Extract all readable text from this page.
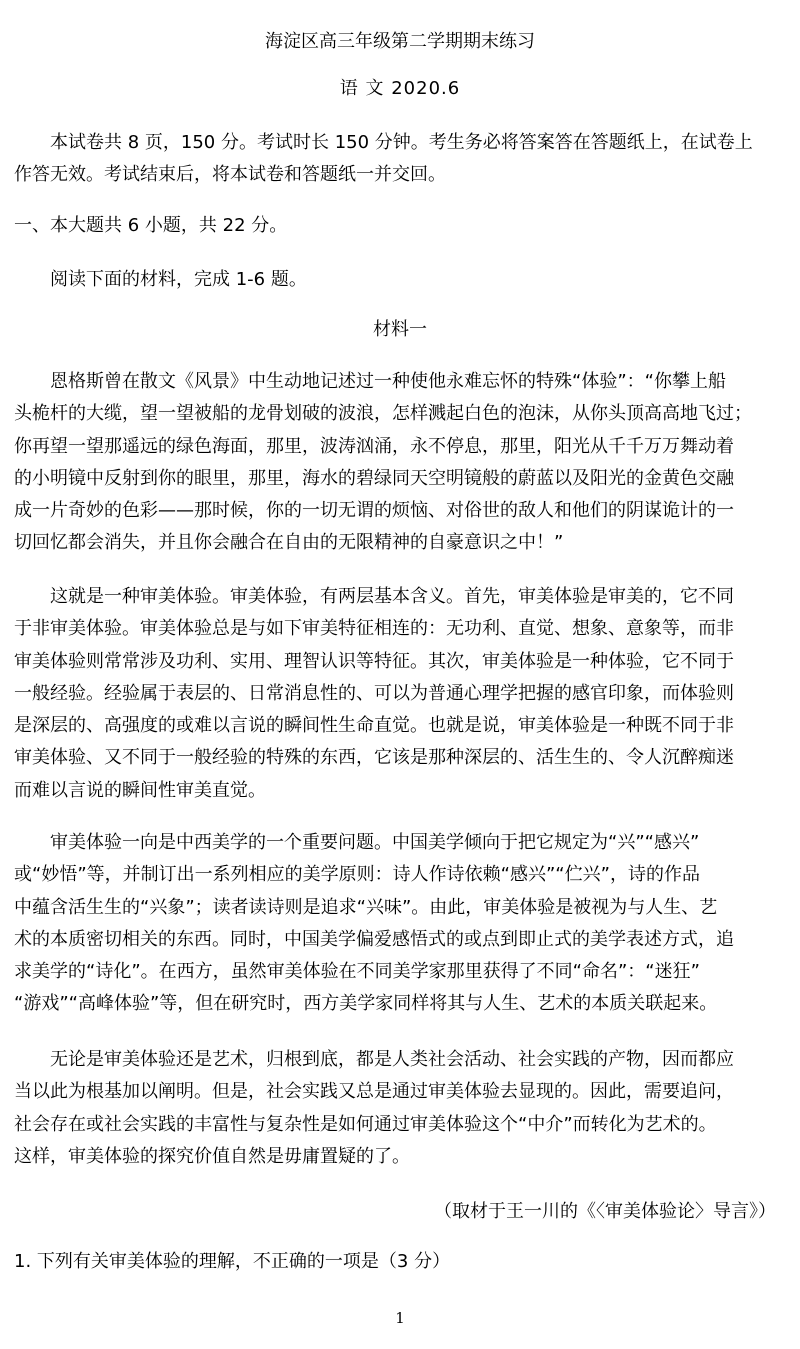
海淀区高三年级第二学期期末练习
语 文 2020.6
本试卷共 8 页，150 分。考试时长 150 分钟。考生务必将答案答在答题纸上，在试卷上
作答无效。考试结束后，将本试卷和答题纸一并交回。
一、本大题共 6 小题，共 22 分。
阅读下面的材料，完成 1-6 题。
材料一
恩格斯曾在散文《风景》中生动地记述过一种使他永难忘怀的特殊“体验”：“你攀上船
头桅杆的大缆，望一望被船的龙骨划破的波浪，怎样溅起白色的泡沫，从你头顶高高地飞过；
你再望一望那遥远的绿色海面，那里，波涛汹涌，永不停息，那里，阳光从千千万万舞动着
的小明镜中反射到你的眼里，那里，海水的碧绿同天空明镜般的蔚蓝以及阳光的金黄色交融
成一片奇妙的色彩——那时候，你的一切无谓的烦恼、对俗世的敌人和他们的阴谋诡计的一
切回忆都会消失，并且你会融合在自由的无限精神的自豪意识之中！”
这就是一种审美体验。审美体验，有两层基本含义。首先，审美体验是审美的，它不同
于非审美体验。审美体验总是与如下审美特征相连的：无功利、直觉、想象、意象等，而非
审美体验则常常涉及功利、实用、理智认识等特征。其次，审美体验是一种体验，它不同于
一般经验。经验属于表层的、日常消息性的、可以为普通心理学把握的感官印象，而体验则
是深层的、高强度的或难以言说的瞬间性生命直觉。也就是说，审美体验是一种既不同于非
审美体验、又不同于一般经验的特殊的东西，它该是那种深层的、活生生的、令人沉醉痴迷
而难以言说的瞬间性审美直觉。
审美体验一向是中西美学的一个重要问题。中国美学倾向于把它规定为“兴”“感兴”
或“妙悟”等，并制订出一系列相应的美学原则：诗人作诗依赖“感兴”“伫兴”，诗的作品
中蕴含活生生的“兴象”；读者读诗则是追求“兴味”。由此，审美体验是被视为与人生、艺
术的本质密切相关的东西。同时，中国美学偏爱感悟式的或点到即止式的美学表述方式，追
求美学的“诗化”。在西方，虽然审美体验在不同美学家那里获得了不同“命名”：“迷狂”
“游戏”“高峰体验”等，但在研究时，西方美学家同样将其与人生、艺术的本质关联起来。
无论是审美体验还是艺术，归根到底，都是人类社会活动、社会实践的产物，因而都应
当以此为根基加以阐明。但是，社会实践又总是通过审美体验去显现的。因此，需要追问，
社会存在或社会实践的丰富性与复杂性是如何通过审美体验这个“中介”而转化为艺术的。
这样，审美体验的探究价值自然是毋庸置疑的了。
（取材于王一川的《〈审美体验论〉导言》）
1. 下列有关审美体验的理解，不正确的一项是（3 分）
1
